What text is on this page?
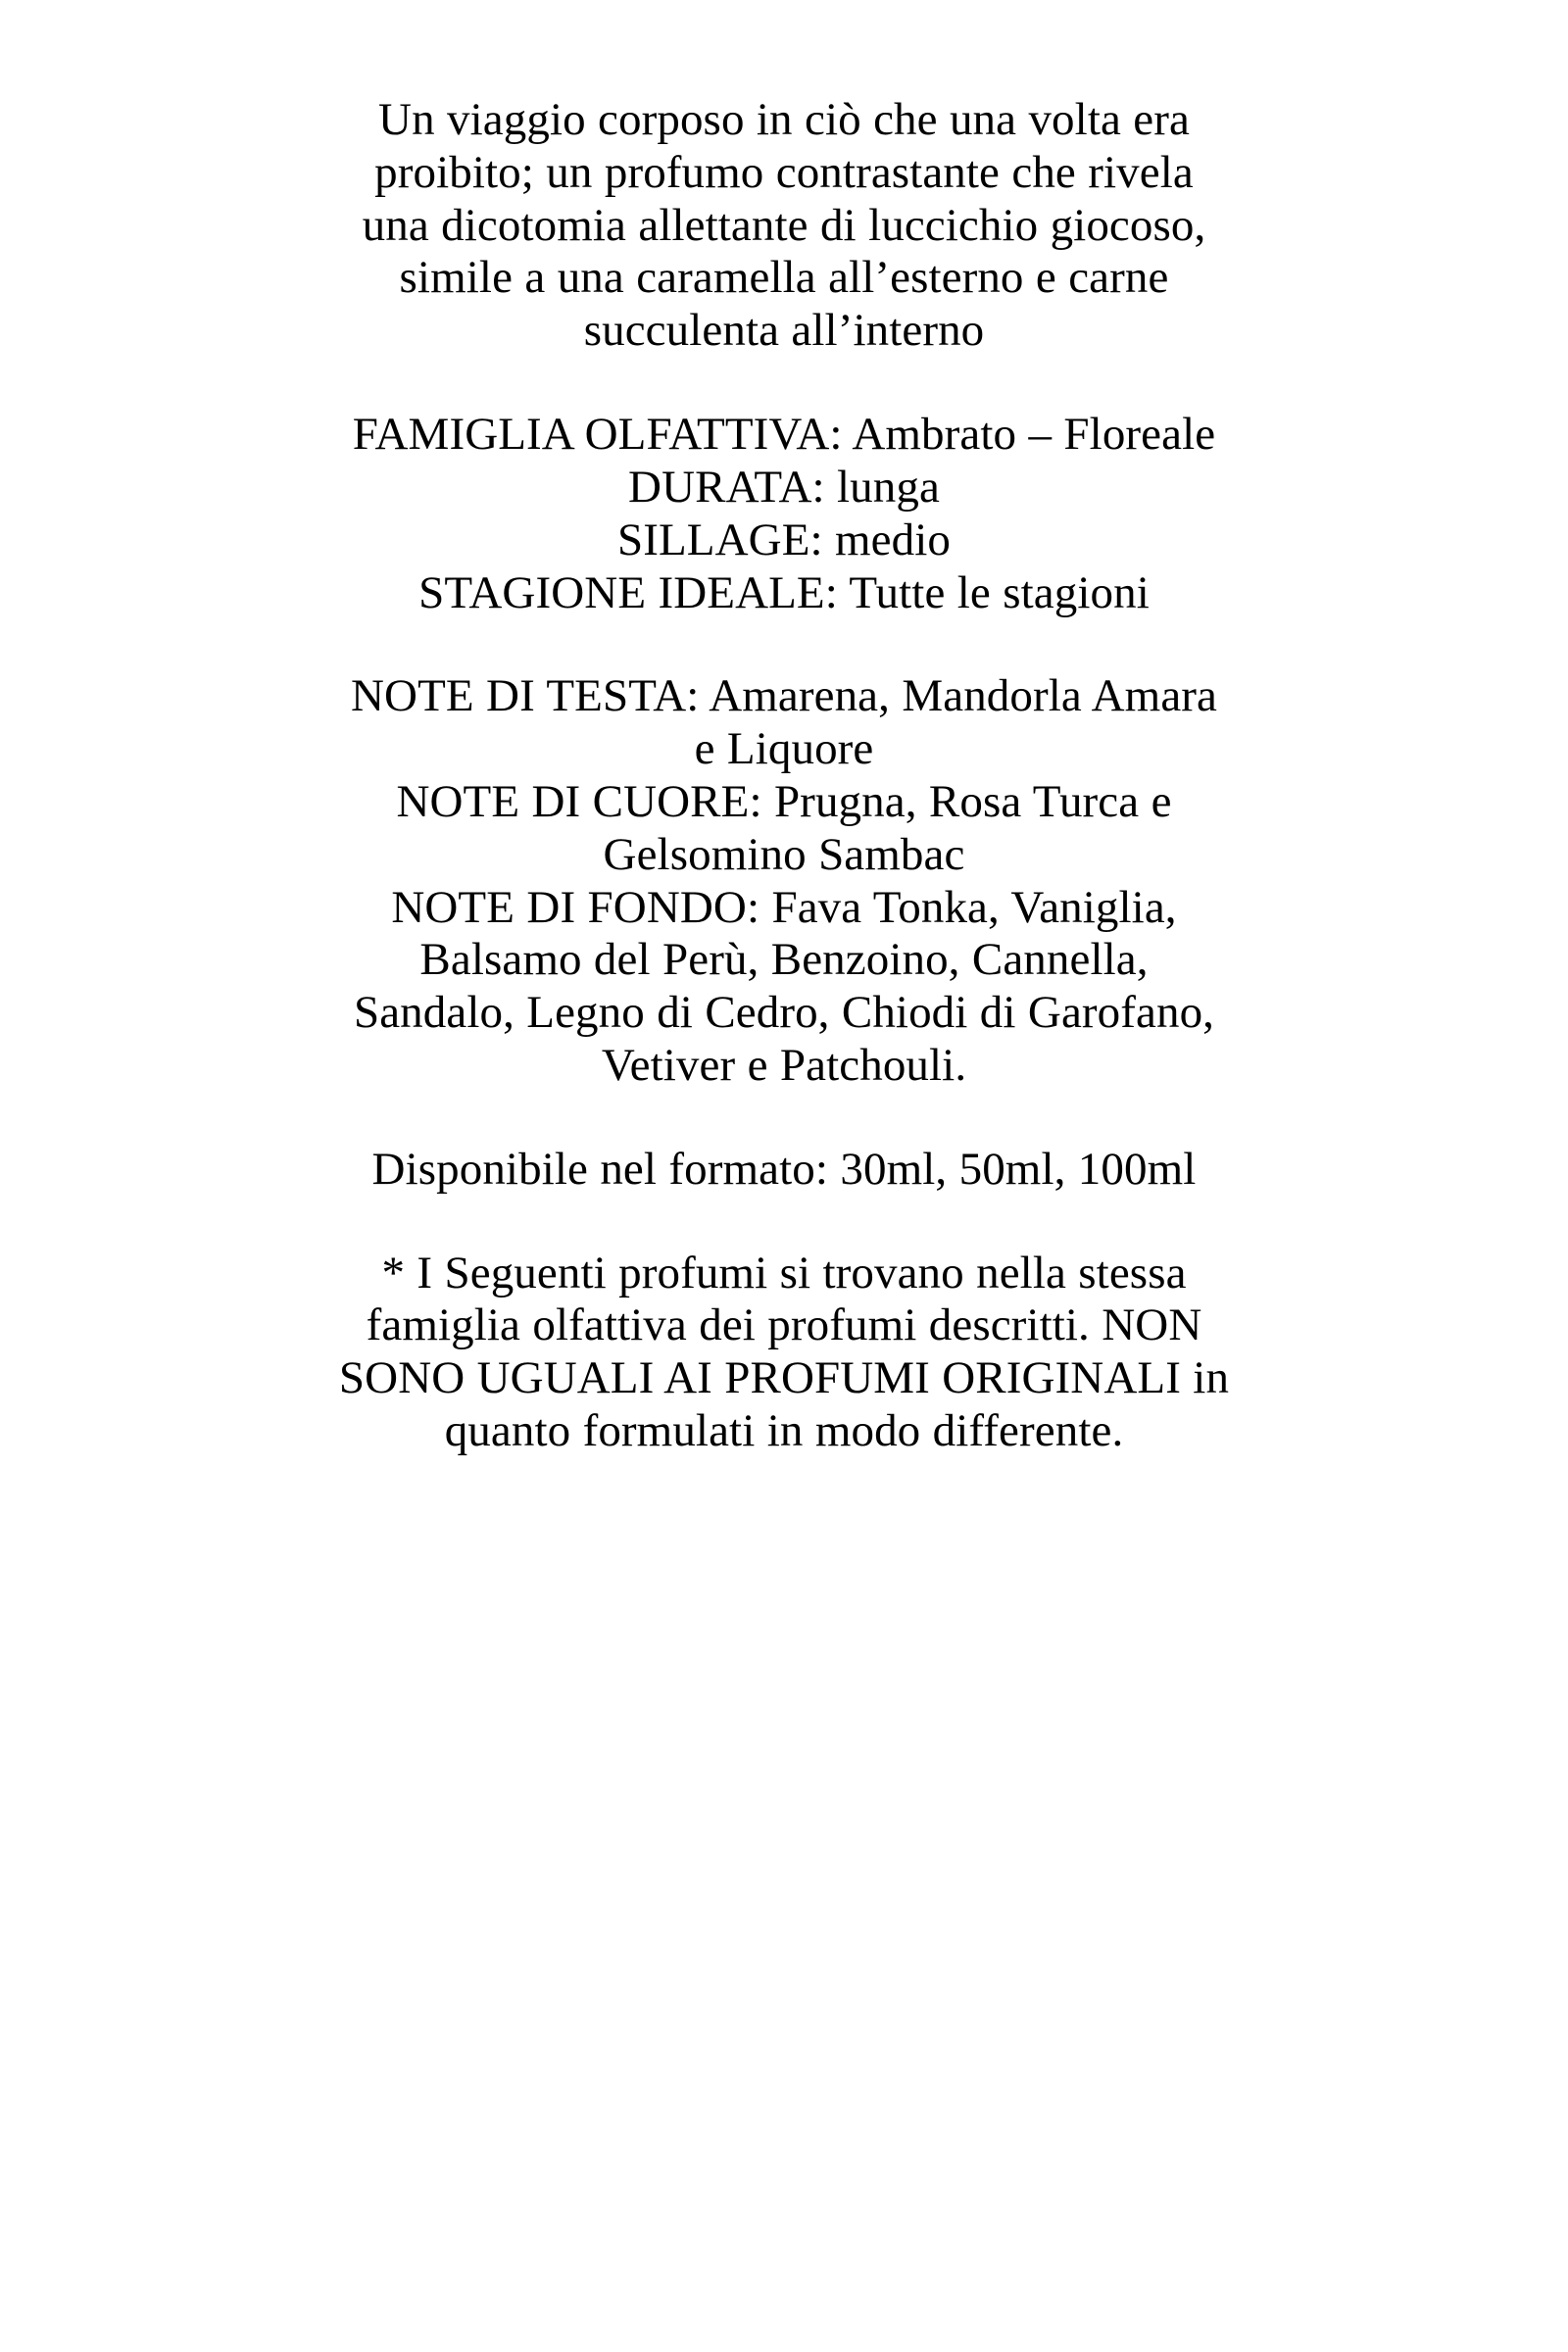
Un viaggio corposo in ciò che una volta era
proibito; un profumo contrastante che rivela
una dicotomia allettante di luccichio giocoso,
simile a una caramella all’esterno e carne
succulenta all’interno

FAMIGLIA OLFATTIVA: Ambrato – Floreale
DURATA: lunga
SILLAGE: medio
STAGIONE IDEALE: Tutte le stagioni

NOTE DI TESTA: Amarena, Mandorla Amara
e Liquore
NOTE DI CUORE: Prugna, Rosa Turca e
Gelsomino Sambac
NOTE DI FONDO: Fava Tonka, Vaniglia,
Balsamo del Perù, Benzoino, Cannella,
Sandalo, Legno di Cedro, Chiodi di Garofano,
Vetiver e Patchouli.

Disponibile nel formato: 30ml, 50ml, 100ml

* I Seguenti profumi si trovano nella stessa
famiglia olfattiva dei profumi descritti. NON
SONO UGUALI AI PROFUMI ORIGINALI in
quanto formulati in modo differente.
